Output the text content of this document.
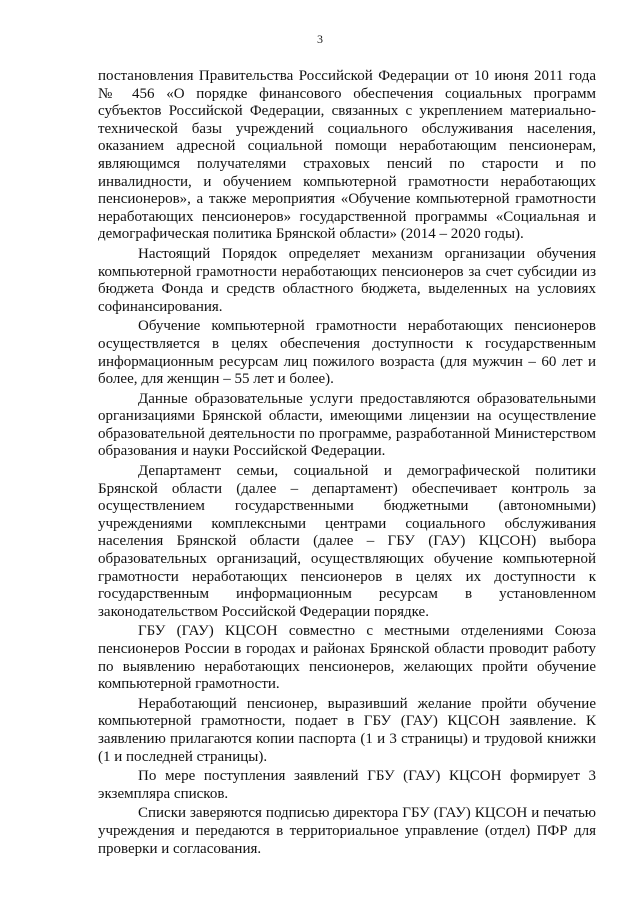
3

постановления Правительства Российской Федерации от 10 июня 2011 года № 456 «О порядке финансового обеспечения социальных программ субъектов Российской Федерации, связанных с укреплением материально-технической базы учреждений социального обслуживания населения, оказанием адресной социальной помощи неработающим пенсионерам, являющимся получателями страховых пенсий по старости и по инвалидности, и обучением компьютерной грамотности неработающих пенсионеров», а также мероприятия «Обучение компьютерной грамотности неработающих пенсионеров» государственной программы «Социальная и демографическая политика Брянской области» (2014 – 2020 годы).

Настоящий Порядок определяет механизм организации обучения компьютерной грамотности неработающих пенсионеров за счет субсидии из бюджета Фонда и средств областного бюджета, выделенных на условиях софинансирования.

Обучение компьютерной грамотности неработающих пенсионеров осуществляется в целях обеспечения доступности к государственным информационным ресурсам лиц пожилого возраста (для мужчин – 60 лет и более, для женщин – 55 лет и более).

Данные образовательные услуги предоставляются образовательными организациями Брянской области, имеющими лицензии на осуществление образовательной деятельности по программе, разработанной Министерством образования и науки Российской Федерации.

Департамент семьи, социальной и демографической политики Брянской области (далее – департамент) обеспечивает контроль за осуществлением государственными бюджетными (автономными) учреждениями комплексными центрами социального обслуживания населения Брянской области (далее – ГБУ (ГАУ) КЦСОН) выбора образовательных организаций, осуществляющих обучение компьютерной грамотности неработающих пенсионеров в целях их доступности к государственным информационным ресурсам в установленном законодательством Российской Федерации порядке.

ГБУ (ГАУ) КЦСОН совместно с местными отделениями Союза пенсионеров России в городах и районах Брянской области проводит работу по выявлению неработающих пенсионеров, желающих пройти обучение компьютерной грамотности.

Неработающий пенсионер, выразивший желание пройти обучение компьютерной грамотности, подает в ГБУ (ГАУ) КЦСОН заявление. К заявлению прилагаются копии паспорта (1 и 3 страницы) и трудовой книжки (1 и последней страницы).

По мере поступления заявлений ГБУ (ГАУ) КЦСОН формирует 3 экземпляра списков.

Списки заверяются подписью директора ГБУ (ГАУ) КЦСОН и печатью учреждения и передаются в территориальное управление (отдел) ПФР для проверки и согласования.
